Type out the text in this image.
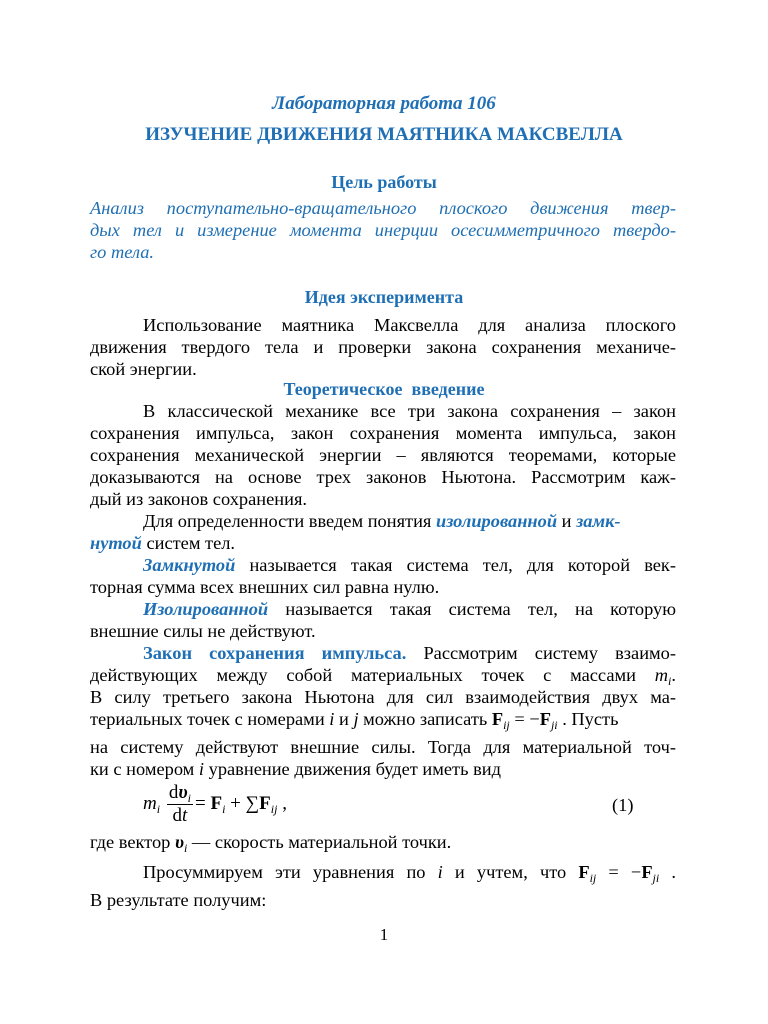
Лабораторная работа 106
ИЗУЧЕНИЕ ДВИЖЕНИЯ МАЯТНИКА МАКСВЕЛЛА
Цель работы
Анализ поступательно-вращательного плоского движения твер-
дых тел и измерение момента инерции осесимметричного твердо-
го тела.
Идея эксперимента
Использование маятника Максвелла для анализа плоского
движения твердого тела и проверки закона сохранения механиче-
ской энергии.
Теоретическое  введение
В классической механике все три закона сохранения – закон
сохранения импульса, закон сохранения момента импульса, закон
сохранения механической энергии – являются теоремами, которые
доказываются на основе трех законов Ньютона. Рассмотрим каж-
дый из законов сохранения.
Для определенности введем понятия изолированной и замк-
нутой систем тел.
Замкнутой называется такая система тел, для которой век-
торная сумма всех внешних сил равна нулю.
Изолированной называется такая система тел, на которую
внешние силы не действуют.
Закон сохранения импульса. Рассмотрим систему взаимо-
действующих между собой материальных точек с массами $m_i$.
В силу третьего закона Ньютона для сил взаимодействия двух ма-
териальных точек с номерами i и j можно записать $F_{ij} = -F_{ji}$ . Пусть
на систему действуют внешние силы. Тогда для материальной точ-
ки с номером i уравнение движения будет иметь вид
$m_i \frac{d\upsilon_i}{dt} = F_i + \sum F_{ij}$ ,	(1)
где вектор $\upsilon_i$ — скорость материальной точки.
Просуммируем эти уравнения по i и учтем, что $F_{ij} = -F_{ji}$ .
В результате получим:
1
